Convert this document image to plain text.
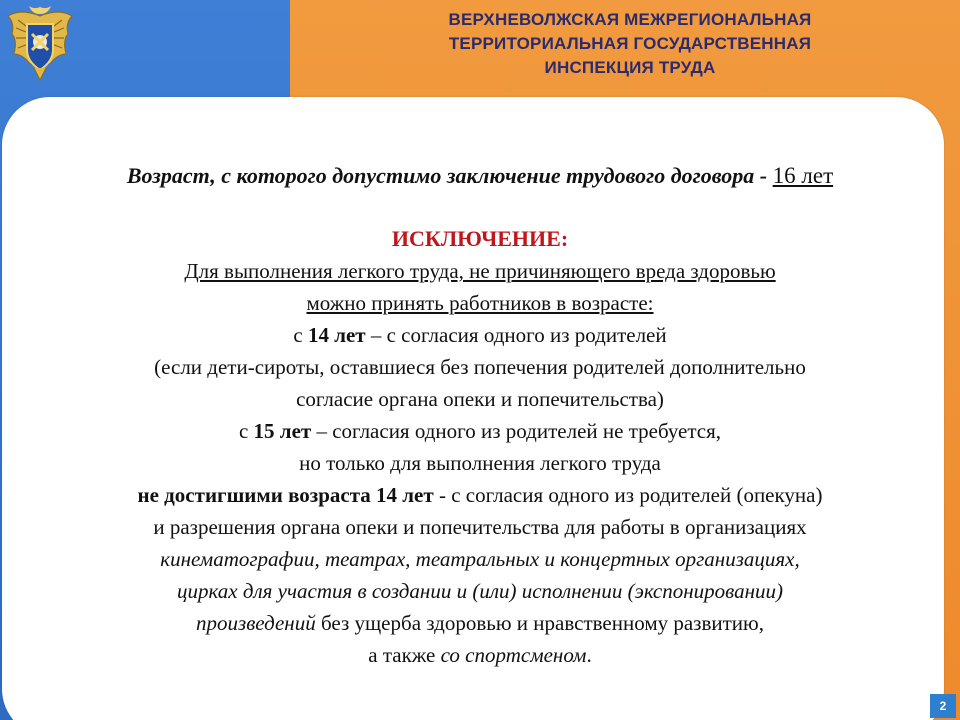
ВЕРХНЕВОЛЖСКАЯ МЕЖРЕГИОНАЛЬНАЯ
ТЕРРИТОРИАЛЬНАЯ ГОСУДАРСТВЕННАЯ
ИНСПЕКЦИЯ ТРУДА
Возраст, с которого допустимо заключение трудового договора - 16 лет
ИСКЛЮЧЕНИЕ:
Для выполнения легкого труда, не причиняющего вреда здоровью
можно принять работников в возрасте:
с 14 лет – с согласия одного из родителей
(если дети-сироты, оставшиеся без попечения родителей дополнительно
согласие органа опеки и попечительства)
с 15 лет – согласия одного из родителей не требуется,
но только для выполнения легкого труда
не достигшими возраста 14 лет - с согласия одного из родителей (опекуна)
и разрешения органа опеки и попечительства для работы в организациях
кинематографии, театрах, театральных и концертных организациях,
цирках для участия в создании и (или) исполнении (экспонировании)
произведений без ущерба здоровью и нравственному развитию,
а также со спортсменом.
2
